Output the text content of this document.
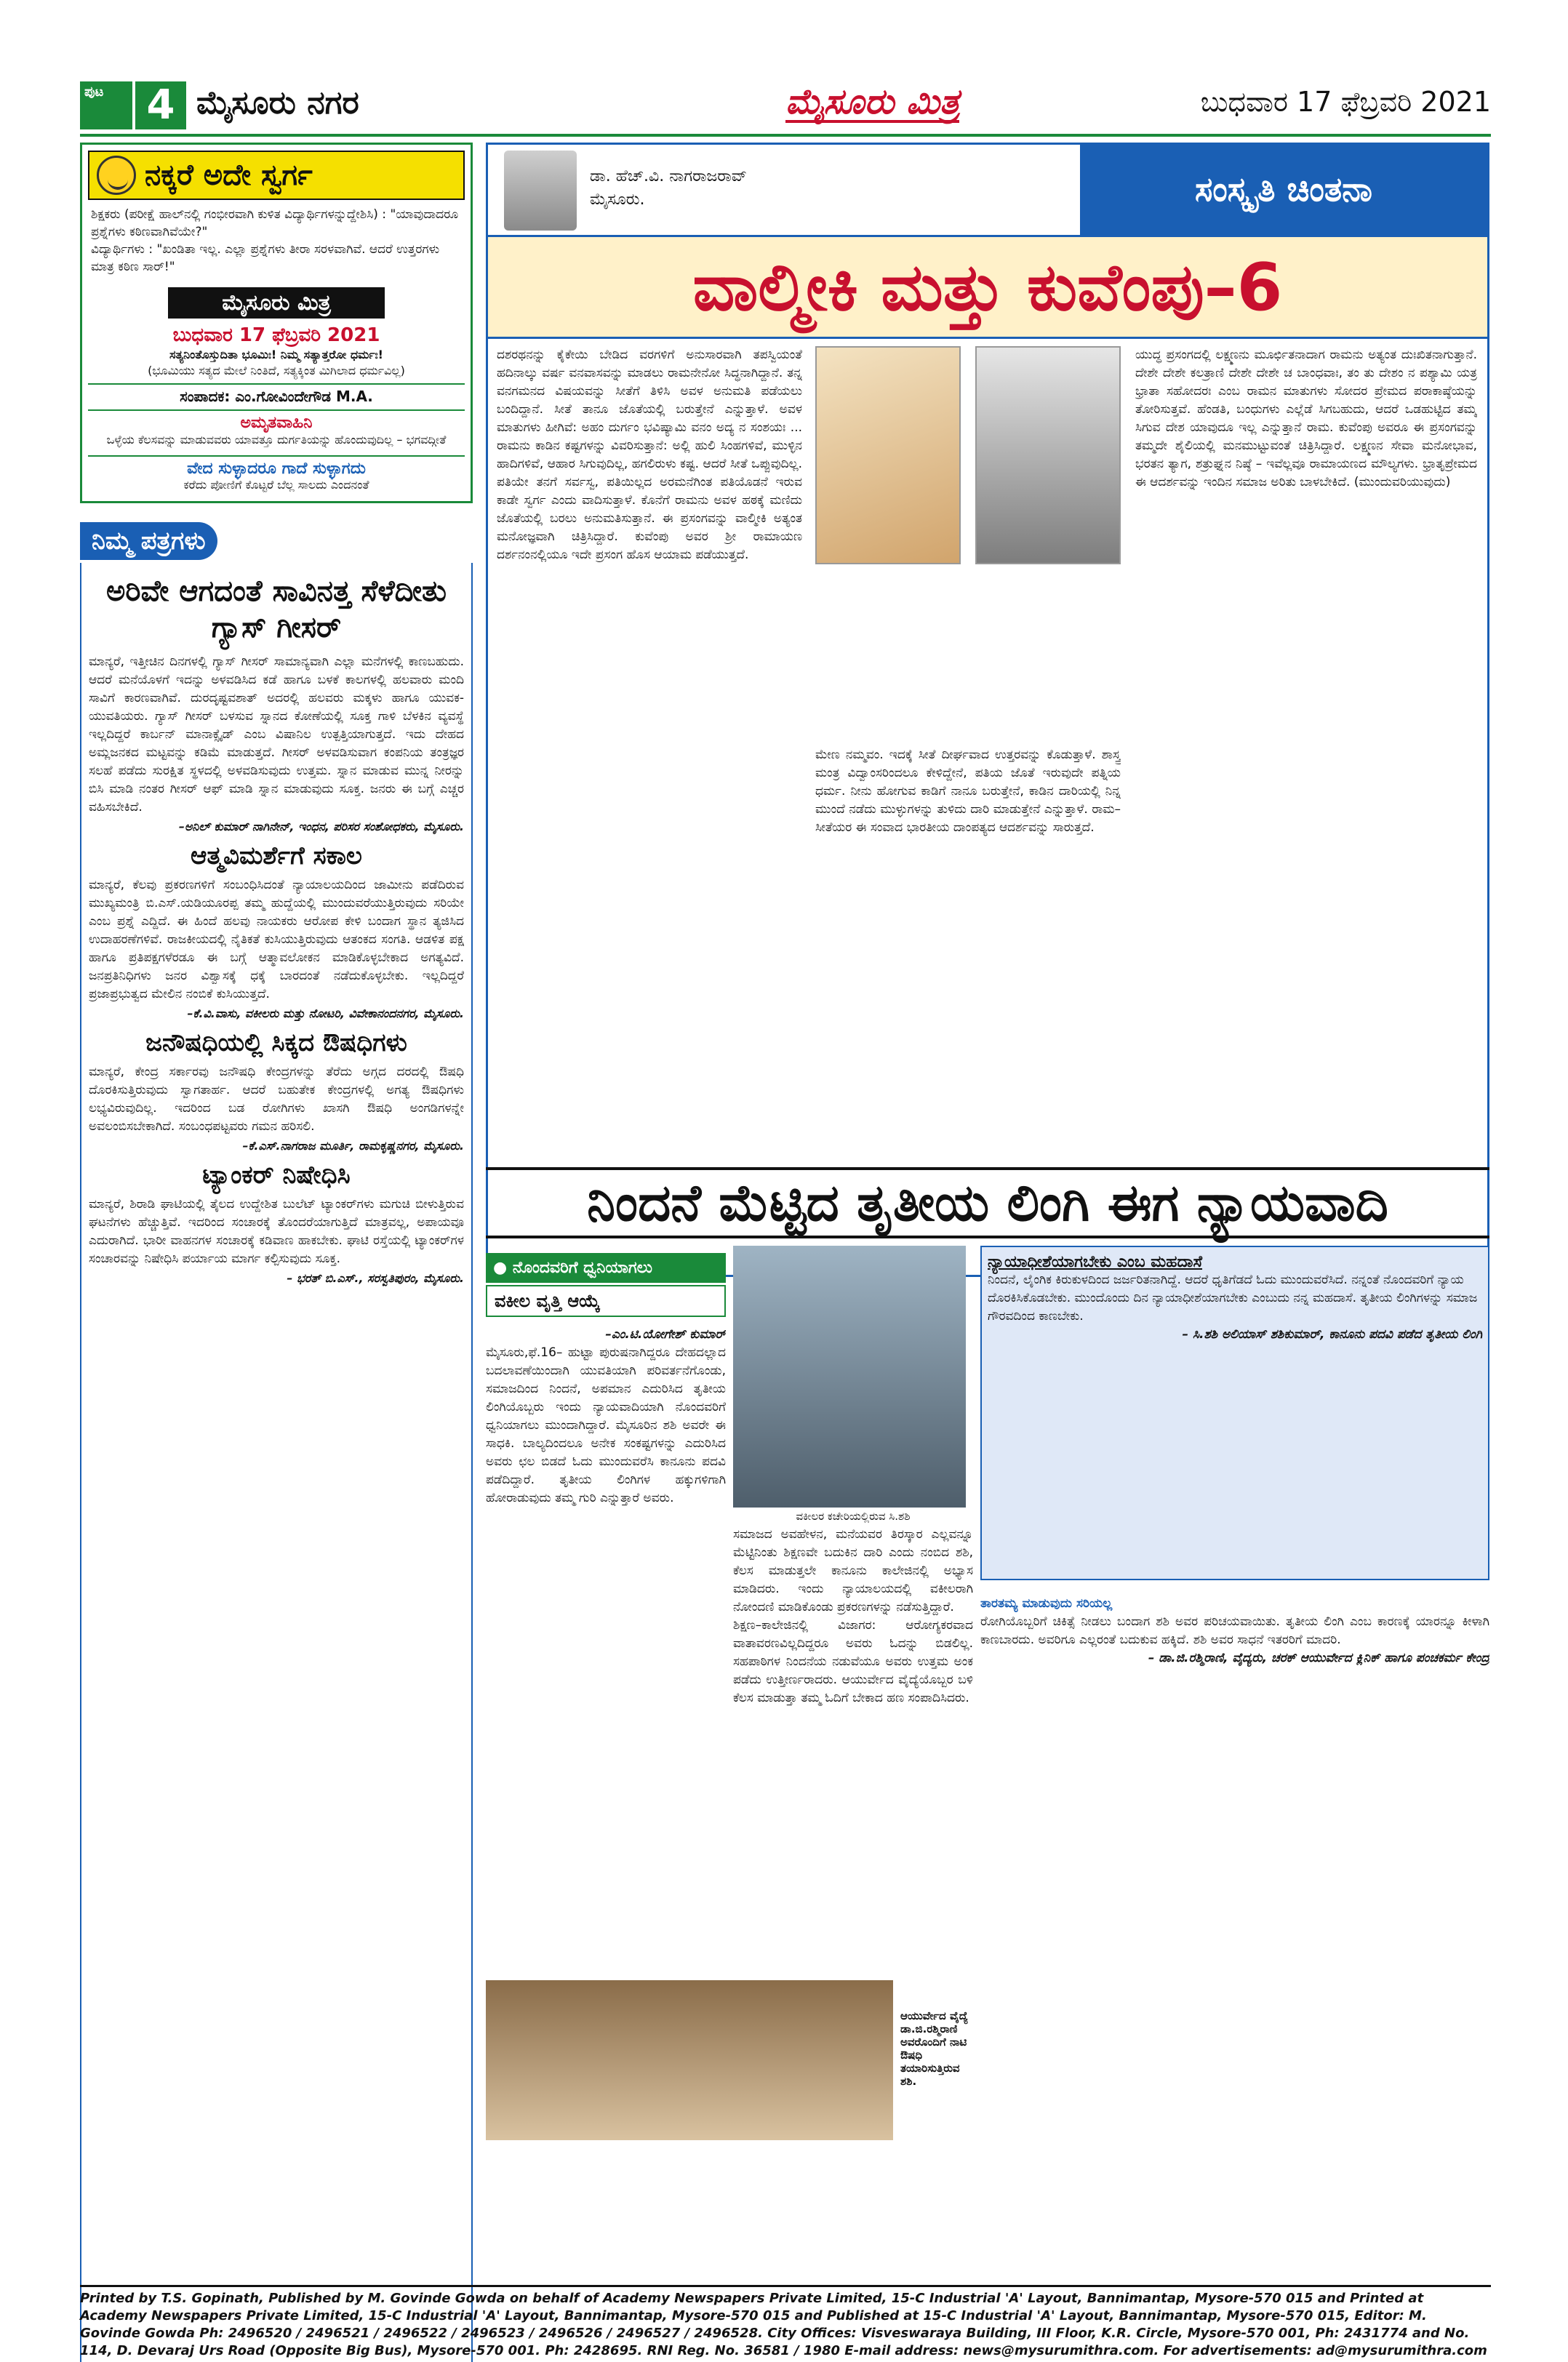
ಪುಟ	4 ಮೈಸೂರು ನಗರ	ಮೈಸೂರು ಮಿತ್ರ	ಬುಧವಾರ 17 ಫೆಬ್ರವರಿ 2021
ನಕ್ಕರೆ ಅದೇ ಸ್ವರ್ಗ

ಶಿಕ್ಷಕರು (ಪರೀಕ್ಷೆ ಹಾಲ್‌ನಲ್ಲಿ ಗಂಭೀರವಾಗಿ ಕುಳಿತ ವಿದ್ಯಾರ್ಥಿಗಳನ್ನುದ್ದೇಶಿಸಿ) : "ಯಾವುದಾದರೂ ಪ್ರಶ್ನೆಗಳು ಕಠಿಣವಾಗಿವೆಯೇ?"

ವಿದ್ಯಾರ್ಥಿಗಳು : "ಖಂಡಿತಾ ಇಲ್ಲ. ಎಲ್ಲಾ ಪ್ರಶ್ನೆಗಳು ತೀರಾ ಸರಳವಾಗಿವೆ. ಆದರೆ ಉತ್ತರಗಳು ಮಾತ್ರ ಕಠಿಣ ಸಾರ್!"

ಮೈಸೂರು ಮಿತ್ರ
ಬುಧವಾರ 17 ಫೆಬ್ರವರಿ 2021
ಸತ್ಯನಿಂತೊಸ್ತುದಿತಾ ಭೂಮಿಃ! ನಿಮ್ಮ ಸತ್ಯಾತ್ತರೋ ಧರ್ಮಃ!
(ಭೂಮಿಯು ಸತ್ಯದ ಮೇಲೆ ನಿಂತಿದೆ, ಸತ್ಯಕ್ಕಿಂತ ಮಿಗಿಲಾದ ಧರ್ಮವಿಲ್ಲ)
ಸಂಪಾದಕ: ಎಂ.ಗೋವಿಂದೇಗೌಡ M.A.
ಅಮೃತವಾಹಿನಿ
ಒಳ್ಳೆಯ ಕೆಲಸವನ್ನು ಮಾಡುವವರು ಯಾವತ್ತೂ ದುರ್ಗತಿಯನ್ನು ಹೊಂದುವುದಿಲ್ಲ – ಭಗವದ್ಗೀತೆ
ವೇದ ಸುಳ್ಳಾದರೂ ಗಾದೆ ಸುಳ್ಳಾಗದು
ಕರೆದು ಪೋಣಿಗೆ ಕೊಟ್ಟರೆ ಬೆಲ್ಲ ಸಾಲದು ಎಂದನಂತೆ
ನಿಮ್ಮ ಪತ್ರಗಳು
ಅರಿವೇ ಆಗದಂತೆ ಸಾವಿನತ್ತ ಸೆಳೆದೀತು ಗ್ಯಾಸ್ ಗೀಸರ್
ಮಾನ್ಯರೆ, ಇತ್ತೀಚಿನ ದಿನಗಳಲ್ಲಿ ಗ್ಯಾಸ್ ಗೀಸರ್ ಸಾಮಾನ್ಯವಾಗಿ ಎಲ್ಲಾ ಮನೆಗಳಲ್ಲಿ ಕಾಣಬಹುದು. ಆದರೆ ಮನೆಯೊಳಗೆ ಇದನ್ನು ಅಳವಡಿಸಿದ ಕಡೆ ಹಾಗೂ ಬಳಕೆ ಕಾಲಗಳಲ್ಲಿ ಹಲವಾರು ಮಂದಿ ಸಾವಿಗೆ ಕಾರಣವಾಗಿವೆ. ದುರದೃಷ್ಟವಶಾತ್ ಅದರಲ್ಲಿ ಹಲವರು ಮಕ್ಕಳು ಹಾಗೂ ಯುವಕ-ಯುವತಿಯರು. ಗ್ಯಾಸ್ ಗೀಸರ್ ಬಳಸುವ ಸ್ನಾನದ ಕೋಣೆಯಲ್ಲಿ ಸೂಕ್ತ ಗಾಳಿ ಬೆಳಕಿನ ವ್ಯವಸ್ಥೆ ಇಲ್ಲದಿದ್ದರೆ ಕಾರ್ಬನ್ ಮಾನಾಕ್ಸೈಡ್ ಎಂಬ ವಿಷಾನಿಲ ಉತ್ಪತ್ತಿಯಾಗುತ್ತದೆ. ಇದು ದೇಹದ ಅಮ್ಲಜನಕದ ಮಟ್ಟವನ್ನು ಕಡಿಮೆ ಮಾಡುತ್ತದೆ. ಗೀಸರ್ ಅಳವಡಿಸುವಾಗ ಕಂಪನಿಯ ತಂತ್ರಜ್ಞರ ಸಲಹೆ ಪಡೆದು ಸುರಕ್ಷಿತ ಸ್ಥಳದಲ್ಲಿ ಅಳವಡಿಸುವುದು ಉತ್ತಮ. ಸ್ನಾನ ಮಾಡುವ ಮುನ್ನ ನೀರನ್ನು ಬಿಸಿ ಮಾಡಿ ನಂತರ ಗೀಸರ್ ಆಫ್ ಮಾಡಿ ಸ್ನಾನ ಮಾಡುವುದು ಸೂಕ್ತ. ಜನರು ಈ ಬಗ್ಗೆ ಎಚ್ಚರ ವಹಿಸಬೇಕಿದೆ.
–ಅನಿಲ್ ಕುಮಾರ್ ನಾಗಿನೇನ್, ಇಂಧನ, ಪರಿಸರ ಸಂಶೋಧಕರು, ಮೈಸೂರು.
ಆತ್ಮವಿಮರ್ಶೆಗೆ ಸಕಾಲ
ಮಾನ್ಯರೆ, ಕೆಲವು ಪ್ರಕರಣಗಳಿಗೆ ಸಂಬಂಧಿಸಿದಂತೆ ನ್ಯಾಯಾಲಯದಿಂದ ಜಾಮೀನು ಪಡೆದಿರುವ ಮುಖ್ಯಮಂತ್ರಿ ಬಿ.ಎಸ್.ಯಡಿಯೂರಪ್ಪ ತಮ್ಮ ಹುದ್ದೆಯಲ್ಲಿ ಮುಂದುವರೆಯುತ್ತಿರುವುದು ಸರಿಯೇ ಎಂಬ ಪ್ರಶ್ನೆ ಎದ್ದಿದೆ. ಈ ಹಿಂದೆ ಹಲವು ನಾಯಕರು ಆರೋಪ ಕೇಳಿ ಬಂದಾಗ ಸ್ಥಾನ ತ್ಯಜಿಸಿದ ಉದಾಹರಣೆಗಳಿವೆ. ರಾಜಕೀಯದಲ್ಲಿ ನೈತಿಕತೆ ಕುಸಿಯುತ್ತಿರುವುದು ಆತಂಕದ ಸಂಗತಿ. ಆಡಳಿತ ಪಕ್ಷ ಹಾಗೂ ಪ್ರತಿಪಕ್ಷಗಳೆರಡೂ ಈ ಬಗ್ಗೆ ಆತ್ಮಾವಲೋಕನ ಮಾಡಿಕೊಳ್ಳಬೇಕಾದ ಅಗತ್ಯವಿದೆ. ಜನಪ್ರತಿನಿಧಿಗಳು ಜನರ ವಿಶ್ವಾಸಕ್ಕೆ ಧಕ್ಕೆ ಬಾರದಂತೆ ನಡೆದುಕೊಳ್ಳಬೇಕು. ಇಲ್ಲದಿದ್ದರೆ ಪ್ರಜಾಪ್ರಭುತ್ವದ ಮೇಲಿನ ನಂಬಿಕೆ ಕುಸಿಯುತ್ತದೆ.
–ಕೆ.ವಿ.ವಾಸು, ವಕೀಲರು ಮತ್ತು ನೋಟರಿ, ವಿವೇಕಾನಂದನಗರ, ಮೈಸೂರು.
ಜನೌಷಧಿಯಲ್ಲಿ ಸಿಕ್ಕದ ಔಷಧಿಗಳು
ಮಾನ್ಯರೆ, ಕೇಂದ್ರ ಸರ್ಕಾರವು ಜನೌಷಧಿ ಕೇಂದ್ರಗಳನ್ನು ತೆರೆದು ಅಗ್ಗದ ದರದಲ್ಲಿ ಔಷಧಿ ದೊರಕಿಸುತ್ತಿರುವುದು ಸ್ವಾಗತಾರ್ಹ. ಆದರೆ ಬಹುತೇಕ ಕೇಂದ್ರಗಳಲ್ಲಿ ಅಗತ್ಯ ಔಷಧಿಗಳು ಲಭ್ಯವಿರುವುದಿಲ್ಲ. ಇದರಿಂದ ಬಡ ರೋಗಿಗಳು ಖಾಸಗಿ ಔಷಧಿ ಅಂಗಡಿಗಳನ್ನೇ ಅವಲಂಬಿಸಬೇಕಾಗಿದೆ. ಸಂಬಂಧಪಟ್ಟವರು ಗಮನ ಹರಿಸಲಿ.
–ಕೆ.ಎಸ್.ನಾಗರಾಜ ಮೂರ್ತಿ, ರಾಮಕೃಷ್ಣನಗರ, ಮೈಸೂರು.
ಟ್ಯಾಂಕರ್ ನಿಷೇಧಿಸಿ
ಮಾನ್ಯರೆ, ಶಿರಾಡಿ ಘಾಟಿಯಲ್ಲಿ ತೈಲದ ಉದ್ದೇಶಿತ ಬುಲೆಟ್ ಟ್ಯಾಂಕರ್‌ಗಳು ಮಗುಚಿ ಬೀಳುತ್ತಿರುವ ಘಟನೆಗಳು ಹೆಚ್ಚುತ್ತಿವೆ. ಇದರಿಂದ ಸಂಚಾರಕ್ಕೆ ತೊಂದರೆಯಾಗುತ್ತಿದೆ ಮಾತ್ರವಲ್ಲ, ಅಪಾಯವೂ ಎದುರಾಗಿದೆ. ಭಾರೀ ವಾಹನಗಳ ಸಂಚಾರಕ್ಕೆ ಕಡಿವಾಣ ಹಾಕಬೇಕು. ಘಾಟಿ ರಸ್ತೆಯಲ್ಲಿ ಟ್ಯಾಂಕರ್‌ಗಳ ಸಂಚಾರವನ್ನು ನಿಷೇಧಿಸಿ ಪರ್ಯಾಯ ಮಾರ್ಗ ಕಲ್ಪಿಸುವುದು ಸೂಕ್ತ.
– ಭರತ್ ಬಿ.ಎಸ್., ಸರಸ್ವತಿಪುರಂ, ಮೈಸೂರು.
ಡಾ. ಹೆಚ್.ವಿ. ನಾಗರಾಜರಾವ್
ಮೈಸೂರು.	ಸಂಸ್ಕೃತಿ ಚಿಂತನಾ
ವಾಲ್ಮೀಕಿ ಮತ್ತು ಕುವೆಂಪು–6
ದಶರಥನನ್ನು ಕೈಕೇಯಿ ಬೇಡಿದ ವರಗಳಿಗೆ ಅನುಸಾರವಾಗಿ ತಪಸ್ವಿಯಂತೆ ಹದಿನಾಲ್ಕು ವರ್ಷ ವನವಾಸವನ್ನು ಮಾಡಲು ರಾಮನೇನೋ ಸಿದ್ಧನಾಗಿದ್ದಾನೆ. ತನ್ನ ವನಗಮನದ ವಿಷಯವನ್ನು ಸೀತೆಗೆ ತಿಳಿಸಿ ಅವಳ ಅನುಮತಿ ಪಡೆಯಲು ಬಂದಿದ್ದಾನೆ. ಸೀತೆ ತಾನೂ ಜೊತೆಯಲ್ಲಿ ಬರುತ್ತೇನೆ ಎನ್ನುತ್ತಾಳೆ. ಅವಳ ಮಾತುಗಳು ಹೀಗಿವೆ: ಅಹಂ ದುರ್ಗಂ ಭವಿಷ್ಯಾಮಿ ವನಂ ಅದ್ಯ ನ ಸಂಶಯಃ ... ರಾಮನು ಕಾಡಿನ ಕಷ್ಟಗಳನ್ನು ವಿವರಿಸುತ್ತಾನೆ: ಅಲ್ಲಿ ಹುಲಿ ಸಿಂಹಗಳಿವೆ, ಮುಳ್ಳಿನ ಹಾದಿಗಳಿವೆ, ಆಹಾರ ಸಿಗುವುದಿಲ್ಲ, ಹಗಲಿರುಳು ಕಷ್ಟ. ಆದರೆ ಸೀತೆ ಒಪ್ಪುವುದಿಲ್ಲ. ಪತಿಯೇ ತನಗೆ ಸರ್ವಸ್ವ, ಪತಿಯಿಲ್ಲದ ಅರಮನೆಗಿಂತ ಪತಿಯೊಡನೆ ಇರುವ ಕಾಡೇ ಸ್ವರ್ಗ ಎಂದು ವಾದಿಸುತ್ತಾಳೆ. ಕೊನೆಗೆ ರಾಮನು ಅವಳ ಹಠಕ್ಕೆ ಮಣಿದು ಜೊತೆಯಲ್ಲಿ ಬರಲು ಅನುಮತಿಸುತ್ತಾನೆ. ಈ ಪ್ರಸಂಗವನ್ನು ವಾಲ್ಮೀಕಿ ಅತ್ಯಂತ ಮನೋಜ್ಞವಾಗಿ ಚಿತ್ರಿಸಿದ್ದಾರೆ. ಕುವೆಂಪು ಅವರ ಶ್ರೀ ರಾಮಾಯಣ ದರ್ಶನಂನಲ್ಲಿಯೂ ಇದೇ ಪ್ರಸಂಗ ಹೊಸ ಆಯಾಮ ಪಡೆಯುತ್ತದೆ.
ಮೇಣ ನಮ್ಮವಂ. ಇದಕ್ಕೆ ಸೀತೆ ದೀರ್ಘವಾದ ಉತ್ತರವನ್ನು ಕೊಡುತ್ತಾಳೆ. ಶಾಸ್ತ್ರ ಮಂತ್ರ ವಿದ್ವಾಂಸರಿಂದಲೂ ಕೇಳಿದ್ದೇನೆ, ಪತಿಯ ಜೊತೆ ಇರುವುದೇ ಪತ್ನಿಯ ಧರ್ಮ. ನೀನು ಹೋಗುವ ಕಾಡಿಗೆ ನಾನೂ ಬರುತ್ತೇನೆ, ಕಾಡಿನ ದಾರಿಯಲ್ಲಿ ನಿನ್ನ ಮುಂದೆ ನಡೆದು ಮುಳ್ಳುಗಳನ್ನು ತುಳಿದು ದಾರಿ ಮಾಡುತ್ತೇನೆ ಎನ್ನುತ್ತಾಳೆ. ರಾಮ–ಸೀತೆಯರ ಈ ಸಂವಾದ ಭಾರತೀಯ ದಾಂಪತ್ಯದ ಆದರ್ಶವನ್ನು ಸಾರುತ್ತದೆ.
ಯುದ್ಧ ಪ್ರಸಂಗದಲ್ಲಿ ಲಕ್ಷ್ಮಣನು ಮೂರ್ಛಿತನಾದಾಗ ರಾಮನು ಅತ್ಯಂತ ದುಃಖಿತನಾಗುತ್ತಾನೆ. ದೇಶೇ ದೇಶೇ ಕಲತ್ರಾಣಿ ದೇಶೇ ದೇಶೇ ಚ ಬಾಂಧವಾಃ, ತಂ ತು ದೇಶಂ ನ ಪಶ್ಯಾಮಿ ಯತ್ರ ಭ್ರಾತಾ ಸಹೋದರಃ ಎಂಬ ರಾಮನ ಮಾತುಗಳು ಸೋದರ ಪ್ರೇಮದ ಪರಾಕಾಷ್ಠೆಯನ್ನು ತೋರಿಸುತ್ತವೆ. ಹೆಂಡತಿ, ಬಂಧುಗಳು ಎಲ್ಲೆಡೆ ಸಿಗಬಹುದು, ಆದರೆ ಒಡಹುಟ್ಟಿದ ತಮ್ಮ ಸಿಗುವ ದೇಶ ಯಾವುದೂ ಇಲ್ಲ ಎನ್ನುತ್ತಾನೆ ರಾಮ. ಕುವೆಂಪು ಅವರೂ ಈ ಪ್ರಸಂಗವನ್ನು ತಮ್ಮದೇ ಶೈಲಿಯಲ್ಲಿ ಮನಮುಟ್ಟುವಂತೆ ಚಿತ್ರಿಸಿದ್ದಾರೆ. ಲಕ್ಷ್ಮಣನ ಸೇವಾ ಮನೋಭಾವ, ಭರತನ ತ್ಯಾಗ, ಶತ್ರುಘ್ನನ ನಿಷ್ಠೆ – ಇವೆಲ್ಲವೂ ರಾಮಾಯಣದ ಮೌಲ್ಯಗಳು. ಭ್ರಾತೃಪ್ರೇಮದ ಈ ಆದರ್ಶವನ್ನು ಇಂದಿನ ಸಮಾಜ ಅರಿತು ಬಾಳಬೇಕಿದೆ. (ಮುಂದುವರಿಯುವುದು)
ನಿಂದನೆ ಮೆಟ್ಟಿದ ತೃತೀಯ ಲಿಂಗಿ ಈಗ ನ್ಯಾಯವಾದಿ
● ನೊಂದವರಿಗೆ ಧ್ವನಿಯಾಗಲು
ವಕೀಲ ವೃತ್ತಿ ಆಯ್ಕೆ
–ಎಂ.ಟಿ.ಯೋಗೇಶ್ ಕುಮಾರ್
ಮೈಸೂರು,ಫೆ.16– ಹುಟ್ಟಾ ಪುರುಷನಾಗಿದ್ದರೂ ದೇಹದಲ್ಲಾದ ಬದಲಾವಣೆಯಿಂದಾಗಿ ಯುವತಿಯಾಗಿ ಪರಿವರ್ತನೆಗೊಂಡು, ಸಮಾಜದಿಂದ ನಿಂದನೆ, ಅಪಮಾನ ಎದುರಿಸಿದ ತೃತೀಯ ಲಿಂಗಿಯೊಬ್ಬರು ಇಂದು ನ್ಯಾಯವಾದಿಯಾಗಿ ನೊಂದವರಿಗೆ ಧ್ವನಿಯಾಗಲು ಮುಂದಾಗಿದ್ದಾರೆ. ಮೈಸೂರಿನ ಶಶಿ ಅವರೇ ಈ ಸಾಧಕಿ. ಬಾಲ್ಯದಿಂದಲೂ ಅನೇಕ ಸಂಕಷ್ಟಗಳನ್ನು ಎದುರಿಸಿದ ಅವರು ಛಲ ಬಿಡದೆ ಓದು ಮುಂದುವರೆಸಿ ಕಾನೂನು ಪದವಿ ಪಡೆದಿದ್ದಾರೆ. ತೃತೀಯ ಲಿಂಗಿಗಳ ಹಕ್ಕುಗಳಿಗಾಗಿ ಹೋರಾಡುವುದು ತಮ್ಮ ಗುರಿ ಎನ್ನುತ್ತಾರೆ ಅವರು.
ವಕೀಲರ ಕಚೇರಿಯಲ್ಲಿರುವ ಸಿ.ಶಶಿ
ಸಮಾಜದ ಅವಹೇಳನ, ಮನೆಯವರ ತಿರಸ್ಕಾರ ಎಲ್ಲವನ್ನೂ ಮೆಟ್ಟಿನಿಂತು ಶಿಕ್ಷಣವೇ ಬದುಕಿನ ದಾರಿ ಎಂದು ನಂಬಿದ ಶಶಿ, ಕೆಲಸ ಮಾಡುತ್ತಲೇ ಕಾನೂನು ಕಾಲೇಜಿನಲ್ಲಿ ಅಭ್ಯಾಸ ಮಾಡಿದರು. ಇಂದು ನ್ಯಾಯಾಲಯದಲ್ಲಿ ವಕೀಲರಾಗಿ ನೋಂದಣಿ ಮಾಡಿಕೊಂಡು ಪ್ರಕರಣಗಳನ್ನು ನಡೆಸುತ್ತಿದ್ದಾರೆ.
ಶಿಕ್ಷಣ–ಕಾಲೇಜಿನಲ್ಲಿ ವಿಜಾಗರ: ಆರೋಗ್ಯಕರವಾದ ವಾತಾವರಣವಿಲ್ಲದಿದ್ದರೂ ಅವರು ಓದನ್ನು ಬಿಡಲಿಲ್ಲ. ಸಹಪಾಠಿಗಳ ನಿಂದನೆಯ ನಡುವೆಯೂ ಅವರು ಉತ್ತಮ ಅಂಕ ಪಡೆದು ಉತ್ತೀರ್ಣರಾದರು. ಆಯುರ್ವೇದ ವೈದ್ಯೆಯೊಬ್ಬರ ಬಳಿ ಕೆಲಸ ಮಾಡುತ್ತಾ ತಮ್ಮ ಓದಿಗೆ ಬೇಕಾದ ಹಣ ಸಂಪಾದಿಸಿದರು.
ನ್ಯಾಯಾಧೀಶೆಯಾಗಬೇಕು ಎಂಬ ಮಹದಾಸೆ
ನಿಂದನೆ, ಲೈಂಗಿಕ ಕಿರುಕುಳದಿಂದ ಜರ್ಜರಿತನಾಗಿದ್ದೆ. ಆದರೆ ಧೃತಿಗೆಡದೆ ಓದು ಮುಂದುವರೆಸಿದೆ. ನನ್ನಂತೆ ನೊಂದವರಿಗೆ ನ್ಯಾಯ ದೊರಕಿಸಿಕೊಡಬೇಕು. ಮುಂದೊಂದು ದಿನ ನ್ಯಾಯಾಧೀಶೆಯಾಗಬೇಕು ಎಂಬುದು ನನ್ನ ಮಹದಾಸೆ. ತೃತೀಯ ಲಿಂಗಿಗಳನ್ನು ಸಮಾಜ ಗೌರವದಿಂದ ಕಾಣಬೇಕು.
– ಸಿ.ಶಶಿ ಅಲಿಯಾಸ್ ಶಶಿಕುಮಾರ್, ಕಾನೂನು ಪದವಿ ಪಡೆದ ತೃತೀಯ ಲಿಂಗಿ
ತಾರತಮ್ಯ ಮಾಡುವುದು ಸರಿಯಲ್ಲ
ರೋಗಿಯೊಬ್ಬರಿಗೆ ಚಿಕಿತ್ಸೆ ನೀಡಲು ಬಂದಾಗ ಶಶಿ ಅವರ ಪರಿಚಯವಾಯಿತು. ತೃತೀಯ ಲಿಂಗಿ ಎಂಬ ಕಾರಣಕ್ಕೆ ಯಾರನ್ನೂ ಕೀಳಾಗಿ ಕಾಣಬಾರದು. ಅವರಿಗೂ ಎಲ್ಲರಂತೆ ಬದುಕುವ ಹಕ್ಕಿದೆ. ಶಶಿ ಅವರ ಸಾಧನೆ ಇತರರಿಗೆ ಮಾದರಿ.
– ಡಾ.ಜಿ.ರಶ್ಮಿರಾಣಿ, ವೈದ್ಯರು, ಚರಕ್ ಆಯುರ್ವೇದ ಕ್ಲಿನಿಕ್ ಹಾಗೂ ಪಂಚಕರ್ಮ ಕೇಂದ್ರ
ಆಯುರ್ವೇದ ವೈದ್ಯೆ ಡಾ.ಜಿ.ರಶ್ಮಿರಾಣಿ ಅವರೊಂದಿಗೆ ನಾಟಿ ಔಷಧಿ ತಯಾರಿಸುತ್ತಿರುವ ಶಶಿ.
Printed by T.S. Gopinath, Published by M. Govinde Gowda on behalf of Academy Newspapers Private Limited, 15-C Industrial 'A' Layout, Bannimantap, Mysore-570 015 and Printed at Academy Newspapers Private Limited, 15-C Industrial 'A' Layout, Bannimantap, Mysore-570 015 and Published at 15-C Industrial 'A' Layout, Bannimantap, Mysore-570 015, Editor: M. Govinde Gowda Ph: 2496520 / 2496521 / 2496522 / 2496523 / 2496526 / 2496527 / 2496528. City Offices: Visveswaraya Building, III Floor, K.R. Circle, Mysore-570 001, Ph: 2431774 and No. 114, D. Devaraj Urs Road (Opposite Big Bus), Mysore-570 001. Ph: 2428695. RNI Reg. No. 36581 / 1980 E-mail address: news@mysurumithra.com. For advertisements: ad@mysurumithra.com
